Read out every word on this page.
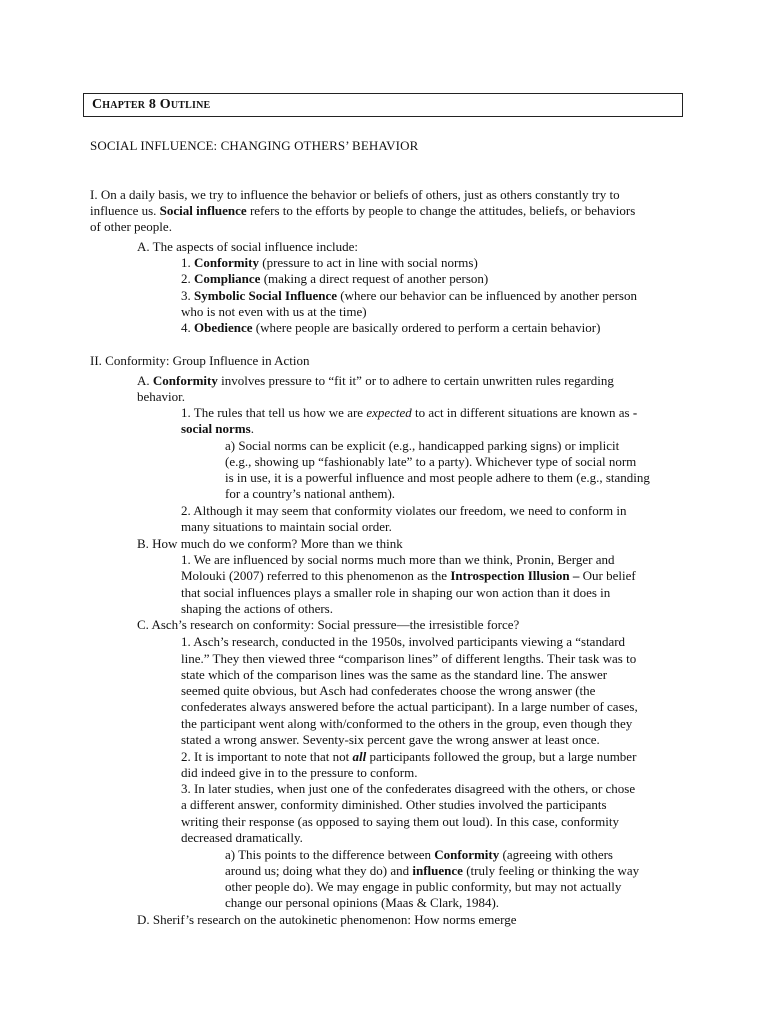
Chapter 8 Outline
SOCIAL INFLUENCE: CHANGING OTHERS’ BEHAVIOR
I. On a daily basis, we try to influence the behavior or beliefs of others, just as others constantly try to
influence us. Social influence refers to the efforts by people to change the attitudes, beliefs, or behaviors
of other people.
A. The aspects of social influence include:
1. Conformity (pressure to act in line with social norms)
2. Compliance (making a direct request of another person)
3. Symbolic Social Influence (where our behavior can be influenced by another person
who is not even with us at the time)
4. Obedience (where people are basically ordered to perform a certain behavior)
II. Conformity: Group Influence in Action
A. Conformity involves pressure to “fit it” or to adhere to certain unwritten rules regarding
behavior.
1. The rules that tell us how we are expected to act in different situations are known as -
social norms.
a) Social norms can be explicit (e.g., handicapped parking signs) or implicit
(e.g., showing up “fashionably late” to a party). Whichever type of social norm
is in use, it is a powerful influence and most people adhere to them (e.g., standing
for a country’s national anthem).
2. Although it may seem that conformity violates our freedom, we need to conform in
many situations to maintain social order.
B. How much do we conform? More than we think
1. We are influenced by social norms much more than we think, Pronin, Berger and
Molouki (2007) referred to this phenomenon as the Introspection Illusion – Our belief
that social influences plays a smaller role in shaping our won action than it does in
shaping the actions of others.
C. Asch’s research on conformity: Social pressure—the irresistible force?
1. Asch’s research, conducted in the 1950s, involved participants viewing a “standard
line.” They then viewed three “comparison lines” of different lengths. Their task was to
state which of the comparison lines was the same as the standard line. The answer
seemed quite obvious, but Asch had confederates choose the wrong answer (the
confederates always answered before the actual participant). In a large number of cases,
the participant went along with/conformed to the others in the group, even though they
stated a wrong answer. Seventy-six percent gave the wrong answer at least once.
2. It is important to note that not all participants followed the group, but a large number
did indeed give in to the pressure to conform.
3. In later studies, when just one of the confederates disagreed with the others, or chose
a different answer, conformity diminished. Other studies involved the participants
writing their response (as opposed to saying them out loud). In this case, conformity
decreased dramatically.
a) This points to the difference between Conformity (agreeing with others
around us; doing what they do) and influence (truly feeling or thinking the way
other people do). We may engage in public conformity, but may not actually
change our personal opinions (Maas & Clark, 1984).
D. Sherif’s research on the autokinetic phenomenon: How norms emerge
